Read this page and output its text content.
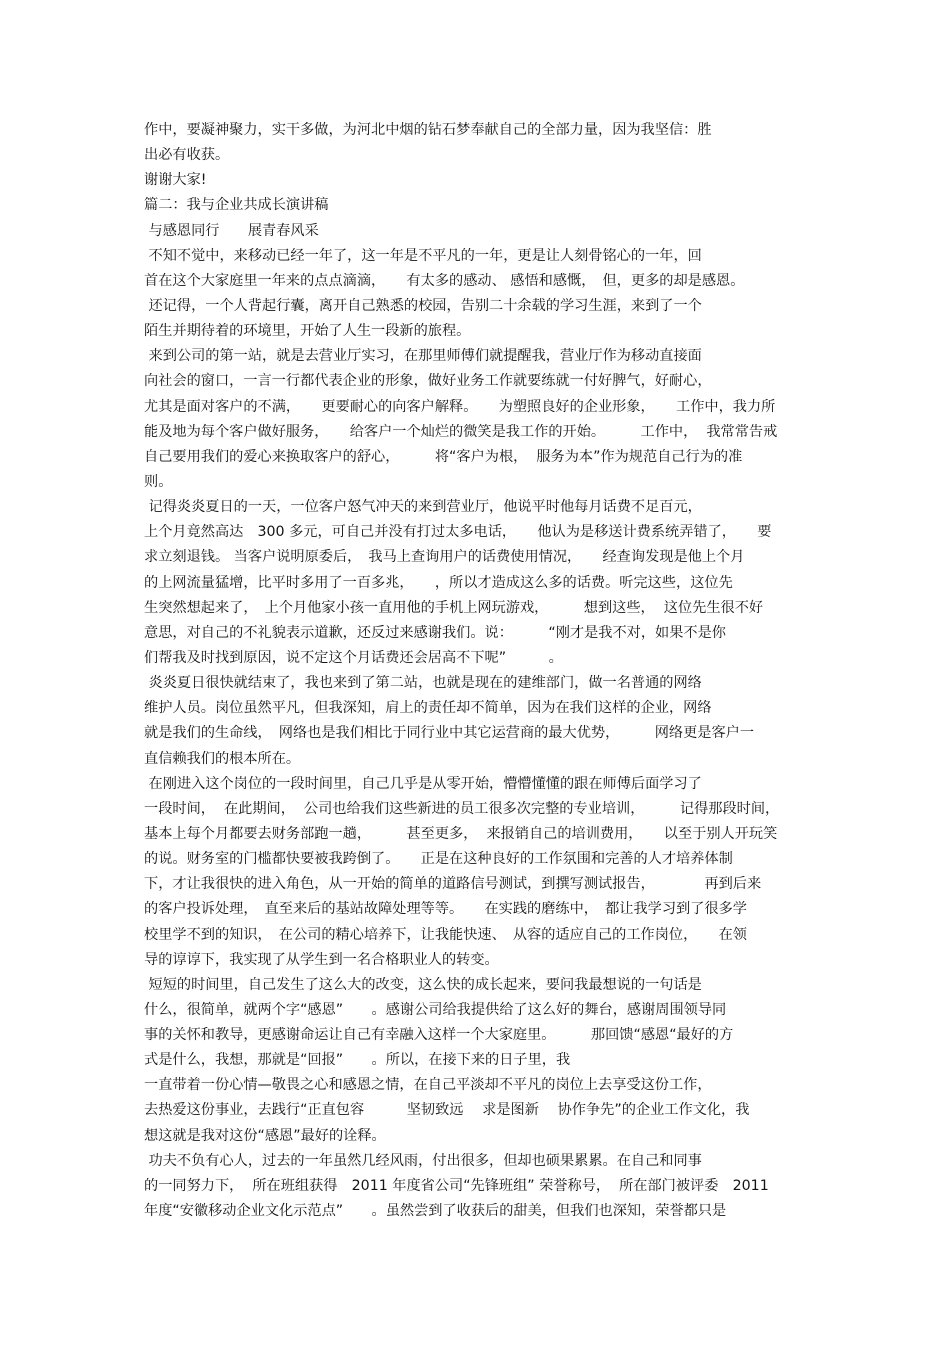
作中，要凝神聚力，实干多做，为河北中烟的钻石梦奉献自己的全部力量，因为我坚信：胜
出必有收获。
谢谢大家!
篇二：我与企业共成长演讲稿
与感恩同行　　展青春风采
不知不觉中，来移动已经一年了，这一年是不平凡的一年，更是让人刻骨铭心的一年，回
首在这个大家庭里一年来的点点滴滴，　　有太多的感动、 感悟和感慨，　但，更多的却是感恩。
还记得，一个人背起行囊，离开自己熟悉的校园，告别二十余载的学习生涯，来到了一个
陌生并期待着的环境里，开始了人生一段新的旅程。
来到公司的第一站，就是去营业厅实习，在那里师傅们就提醒我，营业厅作为移动直接面
向社会的窗口，一言一行都代表企业的形象，做好业务工作就要练就一付好脾气，好耐心，
尤其是面对客户的不满，　　更要耐心的向客户解释。　　为塑照良好的企业形象，　　工作中，我力所
能及地为每个客户做好服务，　　给客户一个灿烂的微笑是我工作的开始。　　　工作中，  我常常告戒
自己要用我们的爱心来换取客户的舒心，　　　将“客户为根，  服务为本”作为规范自己行为的准
则。
记得炎炎夏日的一天，一位客户怒气冲天的来到营业厅，他说平时他每月话费不足百元，
上个月竟然高达　300 多元，可自己并没有打过太多电话，　　他认为是移送计费系统弄错了，　　要
求立刻退钱。 当客户说明原委后，　我马上查询用户的话费使用情况，　　经查询发现是他上个月
的上网流量猛增，比平时多用了一百多兆，　　，所以才造成这么多的话费。听完这些，这位先
生突然想起来了，　上个月他家小孩一直用他的手机上网玩游戏，　　　想到这些，  这位先生很不好
意思，对自己的不礼貌表示道歉，还反过来感谢我们。说：　　　“刚才是我不对，如果不是你
们帮我及时找到原因，说不定这个月话费还会居高不下呢”　　　。
炎炎夏日很快就结束了，我也来到了第二站，也就是现在的建维部门，做一名普通的网络
维护人员。岗位虽然平凡，但我深知，肩上的责任却不简单，因为在我们这样的企业，网络
就是我们的生命线，　网络也是我们相比于同行业中其它运营商的最大优势，　　　网络更是客户一
直信赖我们的根本所在。
在刚进入这个岗位的一段时间里，自己几乎是从零开始，懵懵懂懂的跟在师傅后面学习了
一段时间，  在此期间，  公司也给我们这些新进的员工很多次完整的专业培训，　　　记得那段时间，
基本上每个月都要去财务部跑一趟，　　　甚至更多，  来报销自己的培训费用，　　以至于别人开玩笑
的说。财务室的门槛都快要被我跨倒了。　　正是在这种良好的工作氛围和完善的人才培养体制
下，才让我很快的进入角色，从一开始的简单的道路信号测试，到撰写测试报告，　　　　再到后来
的客户投诉处理，　直至来后的基站故障处理等等。　　在实践的磨练中，　都让我学习到了很多学
校里学不到的知识，　在公司的精心培养下，让我能快速、　从容的适应自己的工作岗位，　　在领
导的谆谆下，我实现了从学生到一名合格职业人的转变。
短短的时间里，自己发生了这么大的改变，这么快的成长起来，要问我最想说的一句话是
什么，很简单，就两个字“感恩”　　。感谢公司给我提供给了这么好的舞台，感谢周围领导同
事的关怀和教导，更感谢命运让自己有幸融入这样一个大家庭里。　　　那回馈“感恩“最好的方
式是什么，我想，那就是“回报”　　。所以，在接下来的日子里，我
一直带着一份心情—敬畏之心和感恩之情，在自己平淡却不平凡的岗位上去享受这份工作，
去热爱这份事业，去践行“正直包容　　　坚韧致远　 求是图新　 协作争先”的企业工作文化，我
想这就是我对这份“感恩”最好的诠释。
功夫不负有心人，过去的一年虽然几经风雨，付出很多，但却也硕果累累。在自己和同事
的一同努力下，  所在班组获得　2011 年度省公司“先锋班组” 荣誉称号，  所在部门被评委　2011
年度“安徽移动企业文化示范点”　　。虽然尝到了收获后的甜美，但我们也深知，荣誉都只是
